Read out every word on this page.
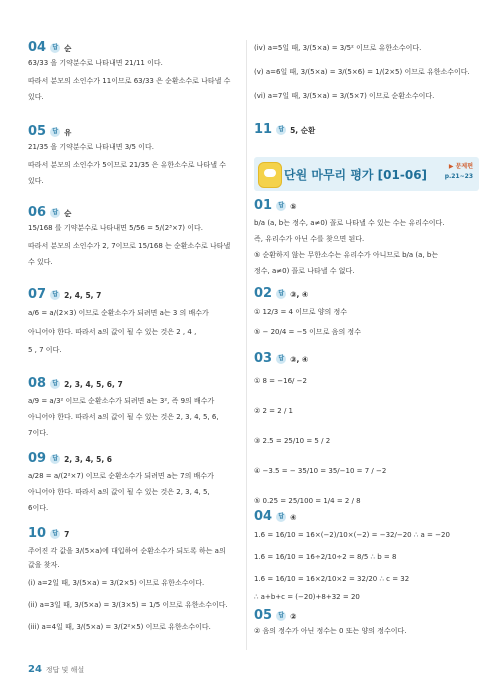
04	답 순
63/33 을 기약분수로 나타내면 21/11 이다.
따라서 분모의 소인수가 11이므로 63/33 은 순환소수로 나타낼 수
있다.
05	답 유
21/35 을 기약분수로 나타내면 3/5 이다.
따라서 분모의 소인수가 5이므로 21/35 은 유한소수로 나타낼 수
있다.
06	답 순
15/168 를 기약분수로 나타내면 5/56 = 5/(2³×7) 이다.
따라서 분모의 소인수가 2, 7이므로 15/168 는 순환소수로 나타낼
수 있다.
07	답 2, 4, 5, 7
a/6 = a/(2×3) 이므로 순환소수가 되려면 a는 3 의 배수가
아니어야 한다. 따라서 a의 값이 될 수 있는 것은 2 , 4 ,
5 , 7 이다.
08	답 2, 3, 4, 5, 6, 7
a/9 = a/3² 이므로 순환소수가 되려면 a는 3², 즉 9의 배수가
아니어야 한다. 따라서 a의 값이 될 수 있는 것은 2, 3, 4, 5, 6,
7이다.
09	답 2, 3, 4, 5, 6
a/28 = a/(2²×7) 이므로 순환소수가 되려면 a는 7의 배수가
아니어야 한다. 따라서 a의 값이 될 수 있는 것은 2, 3, 4, 5,
6이다.
10	답 7
주어진 각 값을 3/(5×a)에 대입하여 순환소수가 되도록 하는 a의
값을 찾자.
(i) a=2일 때, 3/(5×a) = 3/(2×5) 이므로 유한소수이다.
(ii) a=3일 때, 3/(5×a) = 3/(3×5) = 1/5 이므로 유한소수이다.
(iii) a=4일 때, 3/(5×a) = 3/(2²×5) 이므로 유한소수이다.
(iv) a=5일 때, 3/(5×a) = 3/5² 이므로 유한소수이다.
(v) a=6일 때, 3/(5×a) = 3/(5×6) = 1/(2×5) 이므로 유한소수이다.
(vi) a=7일 때, 3/(5×a) = 3/(5×7) 이므로 순환소수이다.
11	답 5, 순환
단원 마무리 평가 [01-06]
▶ 문제편
p.21~23
01	답 ⑤
b/a (a, b는 정수, a≠0) 꼴로 나타낼 수 있는 수는 유리수이다.
즉, 유리수가 아닌 수를 찾으면 된다.
⑤ 순환하지 않는 무한소수는 유리수가 아니므로 b/a (a, b는
정수, a≠0) 꼴로 나타낼 수 없다.
02	답 ③, ④
① 12/3 = 4 이므로 양의 정수
⑤ − 20/4 = −5 이므로 음의 정수
03	답 ③, ④
① 8 = −16/ −2
② 2 = 2 / 1
③ 2.5 = 25/10 = 5 / 2
④ −3.5 = − 35/10 = 35/−10 = 7 / −2
⑤ 0.25 = 25/100 = 1/4 = 2 / 8
04	답 ④
1.6 = 16/10 = 16×(−2)/10×(−2) = −32/−20 ∴ a = −20
1.6 = 16/10 = 16÷2/10÷2 = 8/5 ∴ b = 8
1.6 = 16/10 = 16×2/10×2 = 32/20 ∴ c = 32
∴ a+b+c = (−20)+8+32 = 20
05	답 ②
② 음의 정수가 아닌 정수는 0 또는 양의 정수이다.
24 정답 및 해설
